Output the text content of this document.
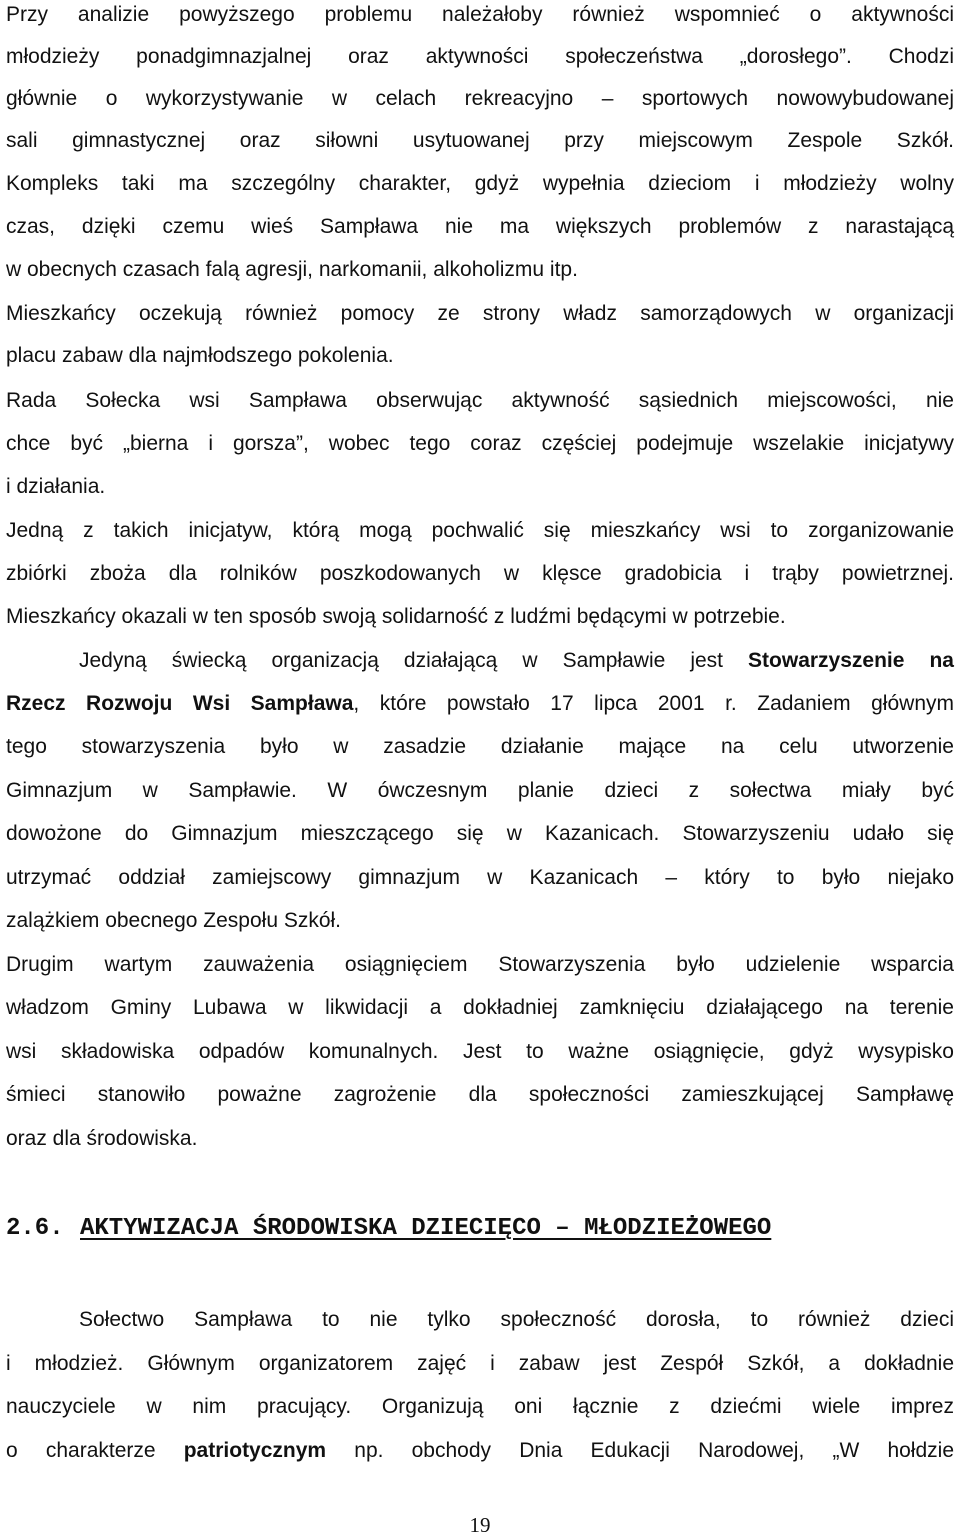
Przy analizie powyższego problemu należałoby również wspomnieć o aktywności
młodzieży ponadgimnazjalnej oraz aktywności społeczeństwa „dorosłego”. Chodzi
głównie o wykorzystywanie w celach rekreacyjno – sportowych nowowybudowanej
sali gimnastycznej oraz siłowni usytuowanej przy miejscowym Zespole Szkół.
Kompleks taki ma szczególny charakter, gdyż wypełnia dzieciom i młodzieży wolny
czas, dzięki czemu wieś Sampława nie ma większych problemów z narastającą
w obecnych czasach falą agresji, narkomanii, alkoholizmu itp.
Mieszkańcy oczekują również pomocy ze strony władz samorządowych w organizacji
placu zabaw dla najmłodszego pokolenia.
Rada Sołecka wsi Sampława obserwując aktywność sąsiednich miejscowości, nie
chce być „bierna i gorsza”, wobec tego coraz częściej podejmuje wszelakie inicjatywy
i działania.
Jedną z takich inicjatyw, którą mogą pochwalić się mieszkańcy wsi to zorganizowanie
zbiórki zboża dla rolników poszkodowanych w klęsce gradobicia i trąby powietrznej.
Mieszkańcy okazali w ten sposób swoją solidarność z ludźmi będącymi w potrzebie.
Jedyną świecką organizacją działającą w Sampławie jest Stowarzyszenie na
Rzecz Rozwoju Wsi Sampława, które powstało 17 lipca 2001 r. Zadaniem głównym
tego stowarzyszenia było w zasadzie działanie mające na celu utworzenie
Gimnazjum w Sampławie. W ówczesnym planie dzieci z sołectwa miały być
dowożone do Gimnazjum mieszczącego się w Kazanicach. Stowarzyszeniu udało się
utrzymać oddział zamiejscowy gimnazjum w Kazanicach – który to było niejako
zalążkiem obecnego Zespołu Szkół.
Drugim wartym zauważenia osiągnięciem Stowarzyszenia było udzielenie wsparcia
władzom Gminy Lubawa w likwidacji a dokładniej zamknięciu działającego na terenie
wsi składowiska odpadów komunalnych. Jest to ważne osiągnięcie, gdyż wysypisko
śmieci stanowiło poważne zagrożenie dla społeczności zamieszkującej Sampławę
oraz dla środowiska.
2.6. AKTYWIZACJA ŚRODOWISKA DZIECIĘCO – MŁODZIEŻOWEGO
Sołectwo Sampława to nie tylko społeczność dorosła, to również dzieci
i młodzież. Głównym organizatorem zajęć i zabaw jest Zespół Szkół, a dokładnie
nauczyciele w nim pracujący. Organizują oni łącznie z dziećmi wiele imprez
o charakterze patriotycznym np. obchody Dnia Edukacji Narodowej, „W hołdzie
19
